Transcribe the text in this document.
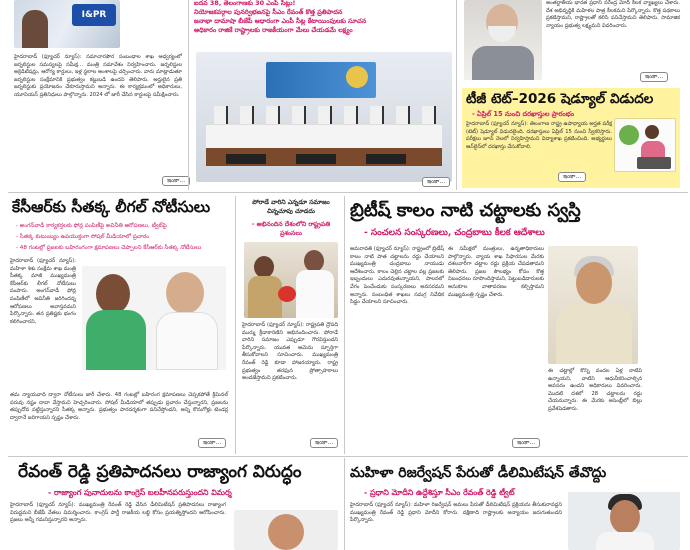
I&PR
హైదరాబాద్ (ఫ్యూచర్ న్యూస్): సమాచారపౌర సంబంధాల శాఖ ఆధ్వర్యంలో జర్నలిస్టుల సమస్యలపై సమీక్ష... మంత్రి సమావేశం నిర్వహించారు. జర్నలిస్టుల అక్రెడిటేషన్లు, ఆరోగ్య కార్డులు, ఇళ్ల స్థలాల అంశాలపై చర్చించారు. వారు మాట్లాడుతూ జర్నలిస్టుల సంక్షేమానికి ప్రభుత్వం కట్టుబడి ఉందని తెలిపారు. అర్హులైన ప్రతి జర్నలిస్టుకు ప్రయోజనం చేకూరుస్తామని అన్నారు. ఈ కార్యక్రమంలో అధికారులు, యూనియన్ ప్రతినిధులు పాల్గొన్నారు. 2024 లో జారీ చేసిన కార్డులపై సమీక్షించారు.
ఇంకా...
ఐదవ 38, తెలంగాణకు 30 ఎంపి సీట్లు!
నియోజకవర్గాల పునర్విభజనపై సీఎం రేవంత్ కొత్త ప్రతిపాదన
జనాభా దామాషా బీజేపీ ఆధారంగా ఎంపీ సీట్ల కేటాయింపులకు సూచన
అధికారం రాజికే రాష్ట్రాలకు రాజకీయంగా మేలు చేయడమే లక్ష్యం
ఇంకా...
అంతర్జాతీయ భారత ప్రధాని నరేంద్ర మోదీ కీలక వ్యాఖ్యలు చేశారు. దేశ అభివృద్ధికి మహిళల పాత్ర కీలకమని పేర్కొన్నారు. కొత్త పథకాలు ప్రకటిస్తామని, రాష్ట్రాలతో కలిసి పనిచేస్తామని తెలిపారు. సామాజిక న్యాయం ప్రభుత్వ లక్ష్యమని వివరించారు.
ఇంకా...
టీజీ టెట్–2026 షెడ్యూల్ విడుదల
- ఏప్రిల్ 15 నుంచి దరఖాస్తుల ప్రారంభం
హైదరాబాద్ (ఫ్యూచర్ న్యూస్): తెలంగాణ రాష్ట్ర ఉపాధ్యాయ అర్హత పరీక్ష (టెట్) షెడ్యూల్ విడుదలైంది. దరఖాస్తులు ఏప్రిల్ 15 నుంచి స్వీకరిస్తారు. పరీక్షలు జూన్ నెలలో నిర్వహిస్తామని విద్యాశాఖ ప్రకటించింది. అభ్యర్థులు ఆన్‌లైన్‌లో దరఖాస్తు చేసుకోవాలి.
ఇంకా...
కేసీఆర్‌కు సీతక్క లీగల్ నోటీసులు
- అంగన్‌వాడీ కార్యకర్తలకు ఫోన్ల పంపిణీపై అవినీతి ఆరోపణలు, ట్వీట్‌పై
- సీతక్క కుటుంబ్యం ఉపయుక్తంగా సోషల్ మీడియాలో ప్రచారం
- 48 గంటల్లో ప్రజలకు బహిరంగంగా క్షమాపణలు చెప్పాలని కేసీఆర్‌కు సీతక్క నోటీసులు
హైదరాబాద్ (ఫ్యూచర్ న్యూస్): మహిళా శిశు సంక్షేమ శాఖ మంత్రి సీతక్క మాజీ ముఖ్యమంత్రి కేసీఆర్‌కు లీగల్ నోటీసులు పంపారు. అంగన్‌వాడీ ఫోన్ల పంపిణీలో అవినీతి జరిగిందన్న ఆరోపణలు అవాస్తవమని పేర్కొన్నారు. తన ప్రతిష్టకు భంగం కలిగించారని,
తమ న్యాయవాది ద్వారా నోటీసులు జారీ చేశారు. 48 గంటల్లో బహిరంగ క్షమాపణలు చెప్పకపోతే క్రిమినల్ పరువు నష్టం దావా వేస్తామని హెచ్చరించారు. సోషల్ మీడియాలో తప్పుడు ప్రచారం చేస్తున్నారని, ప్రజలను తప్పుదోవ పట్టిస్తున్నారని సీతక్క అన్నారు. ప్రభుత్వం పారదర్శకంగా పనిచేస్తోందని, అన్ని కొనుగోళ్లు టెండర్ల ద్వారానే జరిగాయని స్పష్టం చేశారు.
ఇంకా...
పోరాడే వారిని ఎన్నడూ సమాజం చిన్నచూపు చూడదు
- అభినందిన దేశంలోని రాష్ట్రపతి ప్రశంసలు
హైదరాబాద్ (ఫ్యూచర్ న్యూస్): రాష్ట్రపతి ద్రౌపది ముర్ము క్రీడాకారిణిని అభినందించారు. పోరాడే వారిని సమాజం ఎప్పుడూ గౌరవిస్తుందని పేర్కొన్నారు. యువత ఆమెను స్ఫూర్తిగా తీసుకోవాలని సూచించారు. ముఖ్యమంత్రి రేవంత్ రెడ్డి కూడా హాజరయ్యారు. రాష్ట్ర ప్రభుత్వం తరఫున ప్రోత్సాహకాలు అందజేస్తామని ప్రకటించారు.
ఇంకా...
బ్రిటీష్ కాలం నాటి చట్టాలకు స్వస్తి
- సంచలన సంస్కరణలు, చంద్రబాబు కీలక ఆదేశాలు
అమరావతి (ఫ్యూచర్ న్యూస్): రాష్ట్రంలో బ్రిటీష్ కాలం నాటి పాత చట్టాలను రద్దు చేయాలని ముఖ్యమంత్రి చంద్రబాబు నాయుడు ఆదేశించారు. కాలం చెల్లిన చట్టాల వల్ల ప్రజలకు ఇబ్బందులు ఎదురవుతున్నాయని, పాలనలో వేగం పెంచేందుకు సంస్కరణలు అవసరమని అన్నారు. సంబంధిత శాఖలు సమగ్ర నివేదిక సిద్ధం చేయాలని సూచించారు.
ఈ సమీక్షలో మంత్రులు, ఉన్నతాధికారులు పాల్గొన్నారు. న్యాయ శాఖ సిఫారసుల మేరకు దశలవారీగా చట్టాల రద్దు ప్రక్రియ చేపడతామని తెలిపారు. ప్రజల సౌలభ్యం కోసం కొత్త నిబంధనలు రూపొందిస్తామని, పెట్టుబడిదారులకు అనుకూల వాతావరణం కల్పిస్తామని ముఖ్యమంత్రి స్పష్టం చేశారు.
ఈ చట్టాల్లో కొన్ని వందల ఏళ్ల నాటివి ఉన్నాయని, వాటిని ఆధునీకరించాల్సిన అవసరం ఉందని అధికారులు వివరించారు. మొదటి దశలో 28 చట్టాలను రద్దు చేయనున్నారు. ఈ మేరకు అసెంబ్లీలో బిల్లు ప్రవేశపెడతారు.
ఇంకా...
రేవంత్ రెడ్డి ప్రతిపాదనలు రాజ్యాంగ విరుద్ధం
- రాజ్యాంగ పునాదులను కాంగ్రెస్ బలహీనపరుస్తుందని విమర్శ
హైదరాబాద్ (ఫ్యూచర్ న్యూస్): ముఖ్యమంత్రి రేవంత్ రెడ్డి చేసిన డీలిమిటేషన్ ప్రతిపాదనలు రాజ్యాంగ విరుద్ధమని బీజేపీ నేతలు విమర్శించారు. కాంగ్రెస్ పార్టీ రాజకీయ లబ్ధి కోసం ప్రయత్నిస్తోందని ఆరోపించారు. ప్రజలు అన్నీ గమనిస్తున్నారని అన్నారు.
మహిళా రిజర్వేషన్ పేరుతో డీలిమిటేషన్ తేవొద్దు
- ప్రధాని మోదీని ఉద్దేశిస్తూ సీఎం రేవంత్ రెడ్డి ట్వీట్
హైదరాబాద్ (ఫ్యూచర్ న్యూస్): మహిళా రిజర్వేషన్ అమలు పేరుతో డీలిమిటేషన్ ప్రక్రియను తీసుకురావద్దని ముఖ్యమంత్రి రేవంత్ రెడ్డి ప్రధాని మోదీని కోరారు. దక్షిణాది రాష్ట్రాలకు అన్యాయం జరుగుతుందని పేర్కొన్నారు.
